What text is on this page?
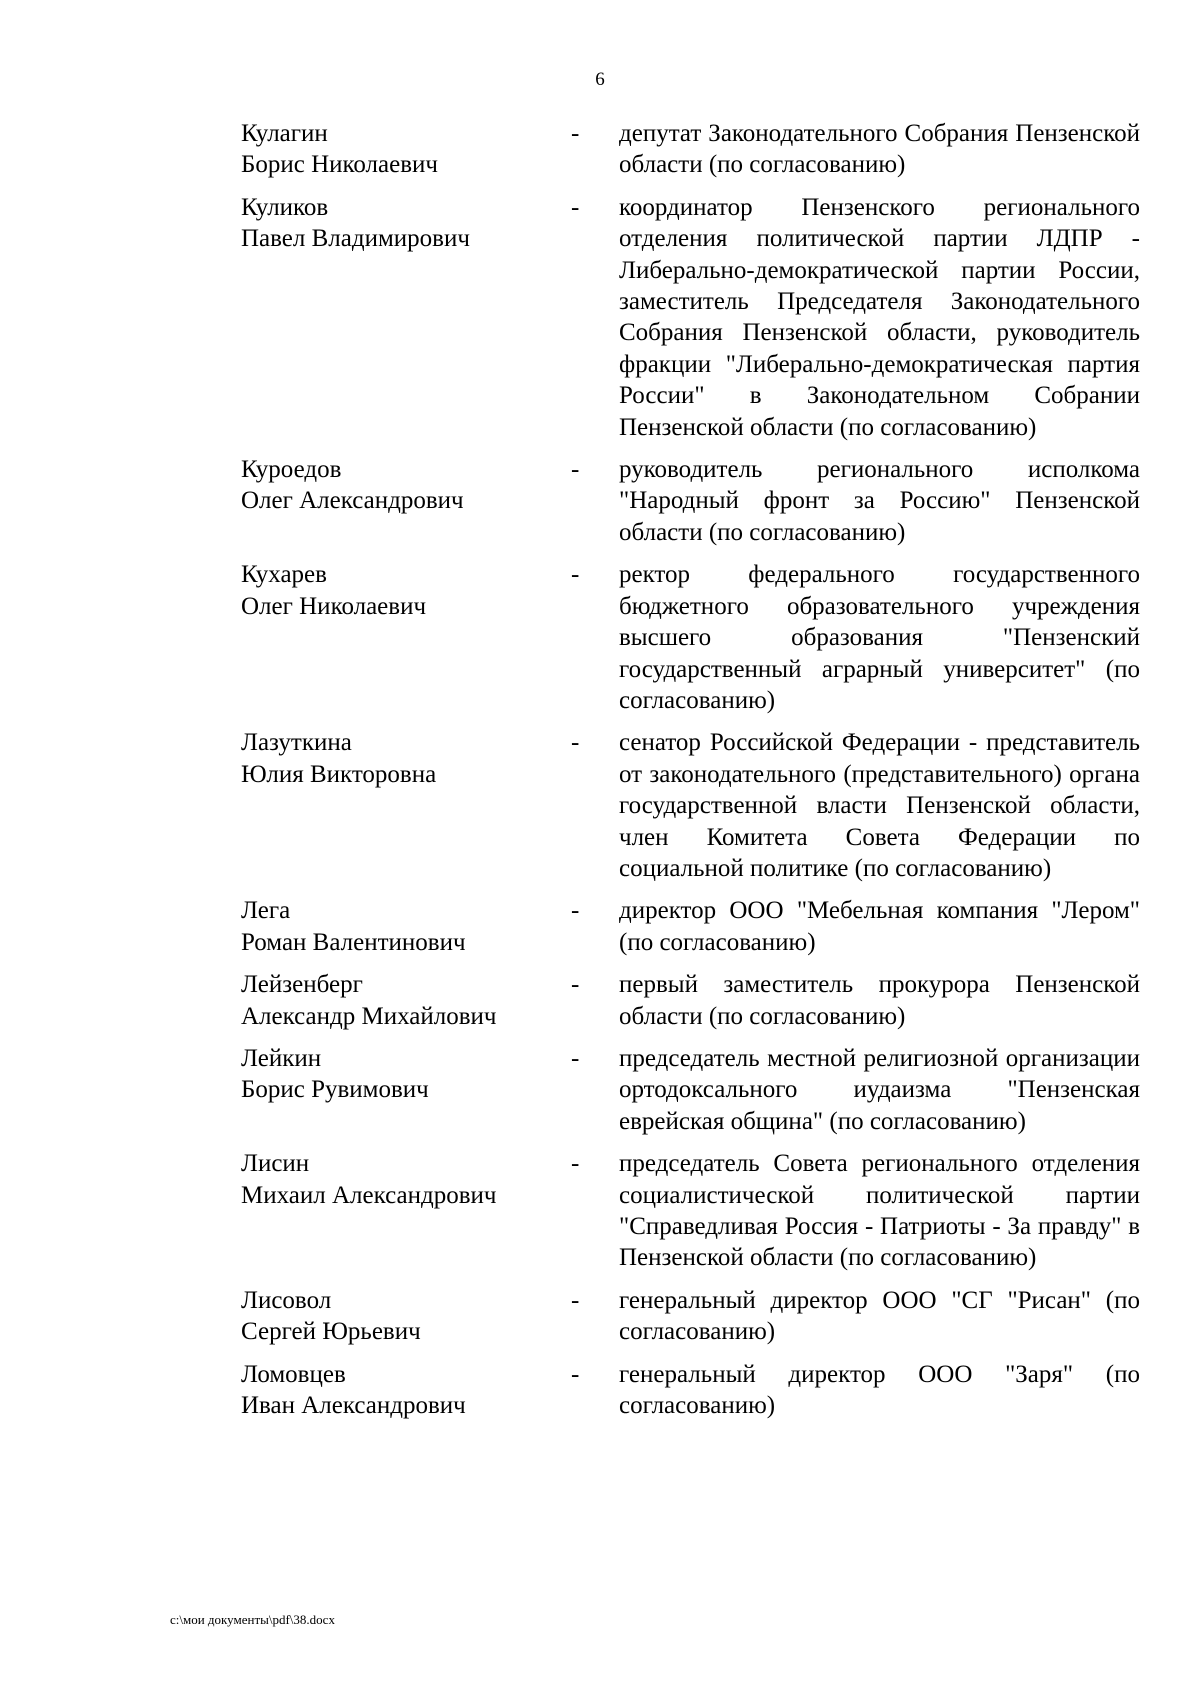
6
Кулагин
Борис Николаевич
-	депутат Законодательного Собрания Пензенской области (по согласованию)
Куликов
Павел Владимирович
-	координатор Пензенского регионального отделения политической партии ЛДПР - Либерально-демократической партии России, заместитель Председателя Законодательного Собрания Пензенской области, руководитель фракции "Либерально-демократическая партия России" в Законодательном Собрании Пензенской области (по согласованию)
Куроедов
Олег Александрович
-	руководитель регионального исполкома "Народный фронт за Россию" Пензенской области (по согласованию)
Кухарев
Олег Николаевич
-	ректор федерального государственного бюджетного образовательного учреждения высшего образования "Пензенский государственный аграрный университет" (по согласованию)
Лазуткина
Юлия Викторовна
-	сенатор Российской Федерации - представитель от законодательного (представительного) органа государственной власти Пензенской области, член Комитета Совета Федерации по социальной политике (по согласованию)
Лега
Роман Валентинович
-	директор ООО "Мебельная компания "Лером" (по согласованию)
Лейзенберг
Александр Михайлович
-	первый заместитель прокурора Пензенской области (по согласованию)
Лейкин
Борис Рувимович
-	председатель местной религиозной организации ортодоксального иудаизма "Пензенская еврейская община" (по согласованию)
Лисин
Михаил Александрович
-	председатель Совета регионального отделения социалистической политической партии "Справедливая Россия - Патриоты - За правду" в Пензенской области (по согласованию)
Лисовол
Сергей Юрьевич
-	генеральный директор ООО "СГ "Рисан" (по согласованию)
Ломовцев
Иван Александрович
-	генеральный директор ООО "Заря" (по согласованию)
c:\мои документы\pdf\38.docx
